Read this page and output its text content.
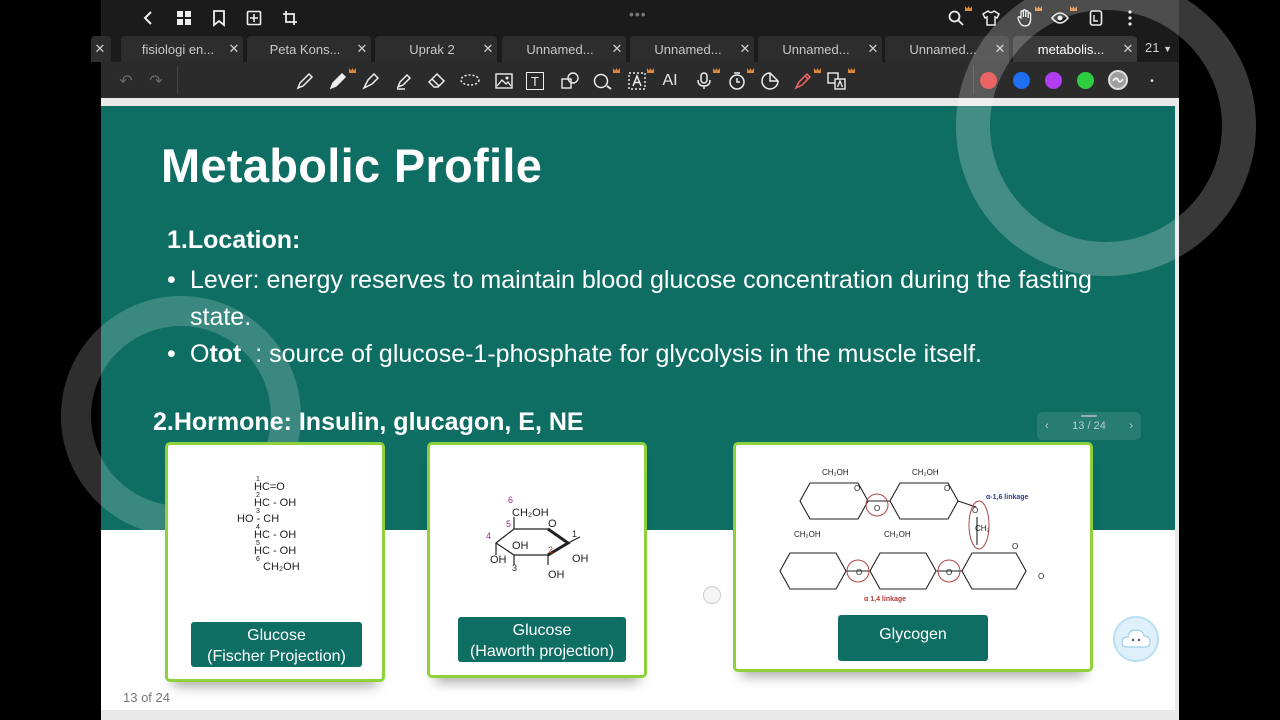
•••
✕	fisiologi en...	✕	Peta Kons...	✕	Uprak 2	✕	Unnamed...	✕	Unnamed...	✕	Unnamed...	✕	Unnamed...	✕	metabolis...	✕ 21 ▼
↶ ↷	T	AI	•
Metabolic Profile
1.Location:
• Lever: energy reserves to maintain blood glucose concentration during the fasting state.
• Otot  : source of glucose-1-phosphate for glycolysis in the muscle itself.
2.Hormone: Insulin, glucagon, E, NE
1
HC=O
2
HC - OH
3
HO - CH
4
HC - OH
5
HC - OH
6
CH₂OH
Glucose
(Fischer Projection)
6
CH₂OH
O
5
4	1
OH 2
OH
OH
3
OH
Glucose
(Haworth projection)
CH₂OH	CH₂OH
CH₂OH	CH₂OH
O	O
O	O
CH₂
O	O
O
O
α-1,6 linkage
α 1,4 linkage
Glycogen
‹ 13 / 24 ›
13 of 24
